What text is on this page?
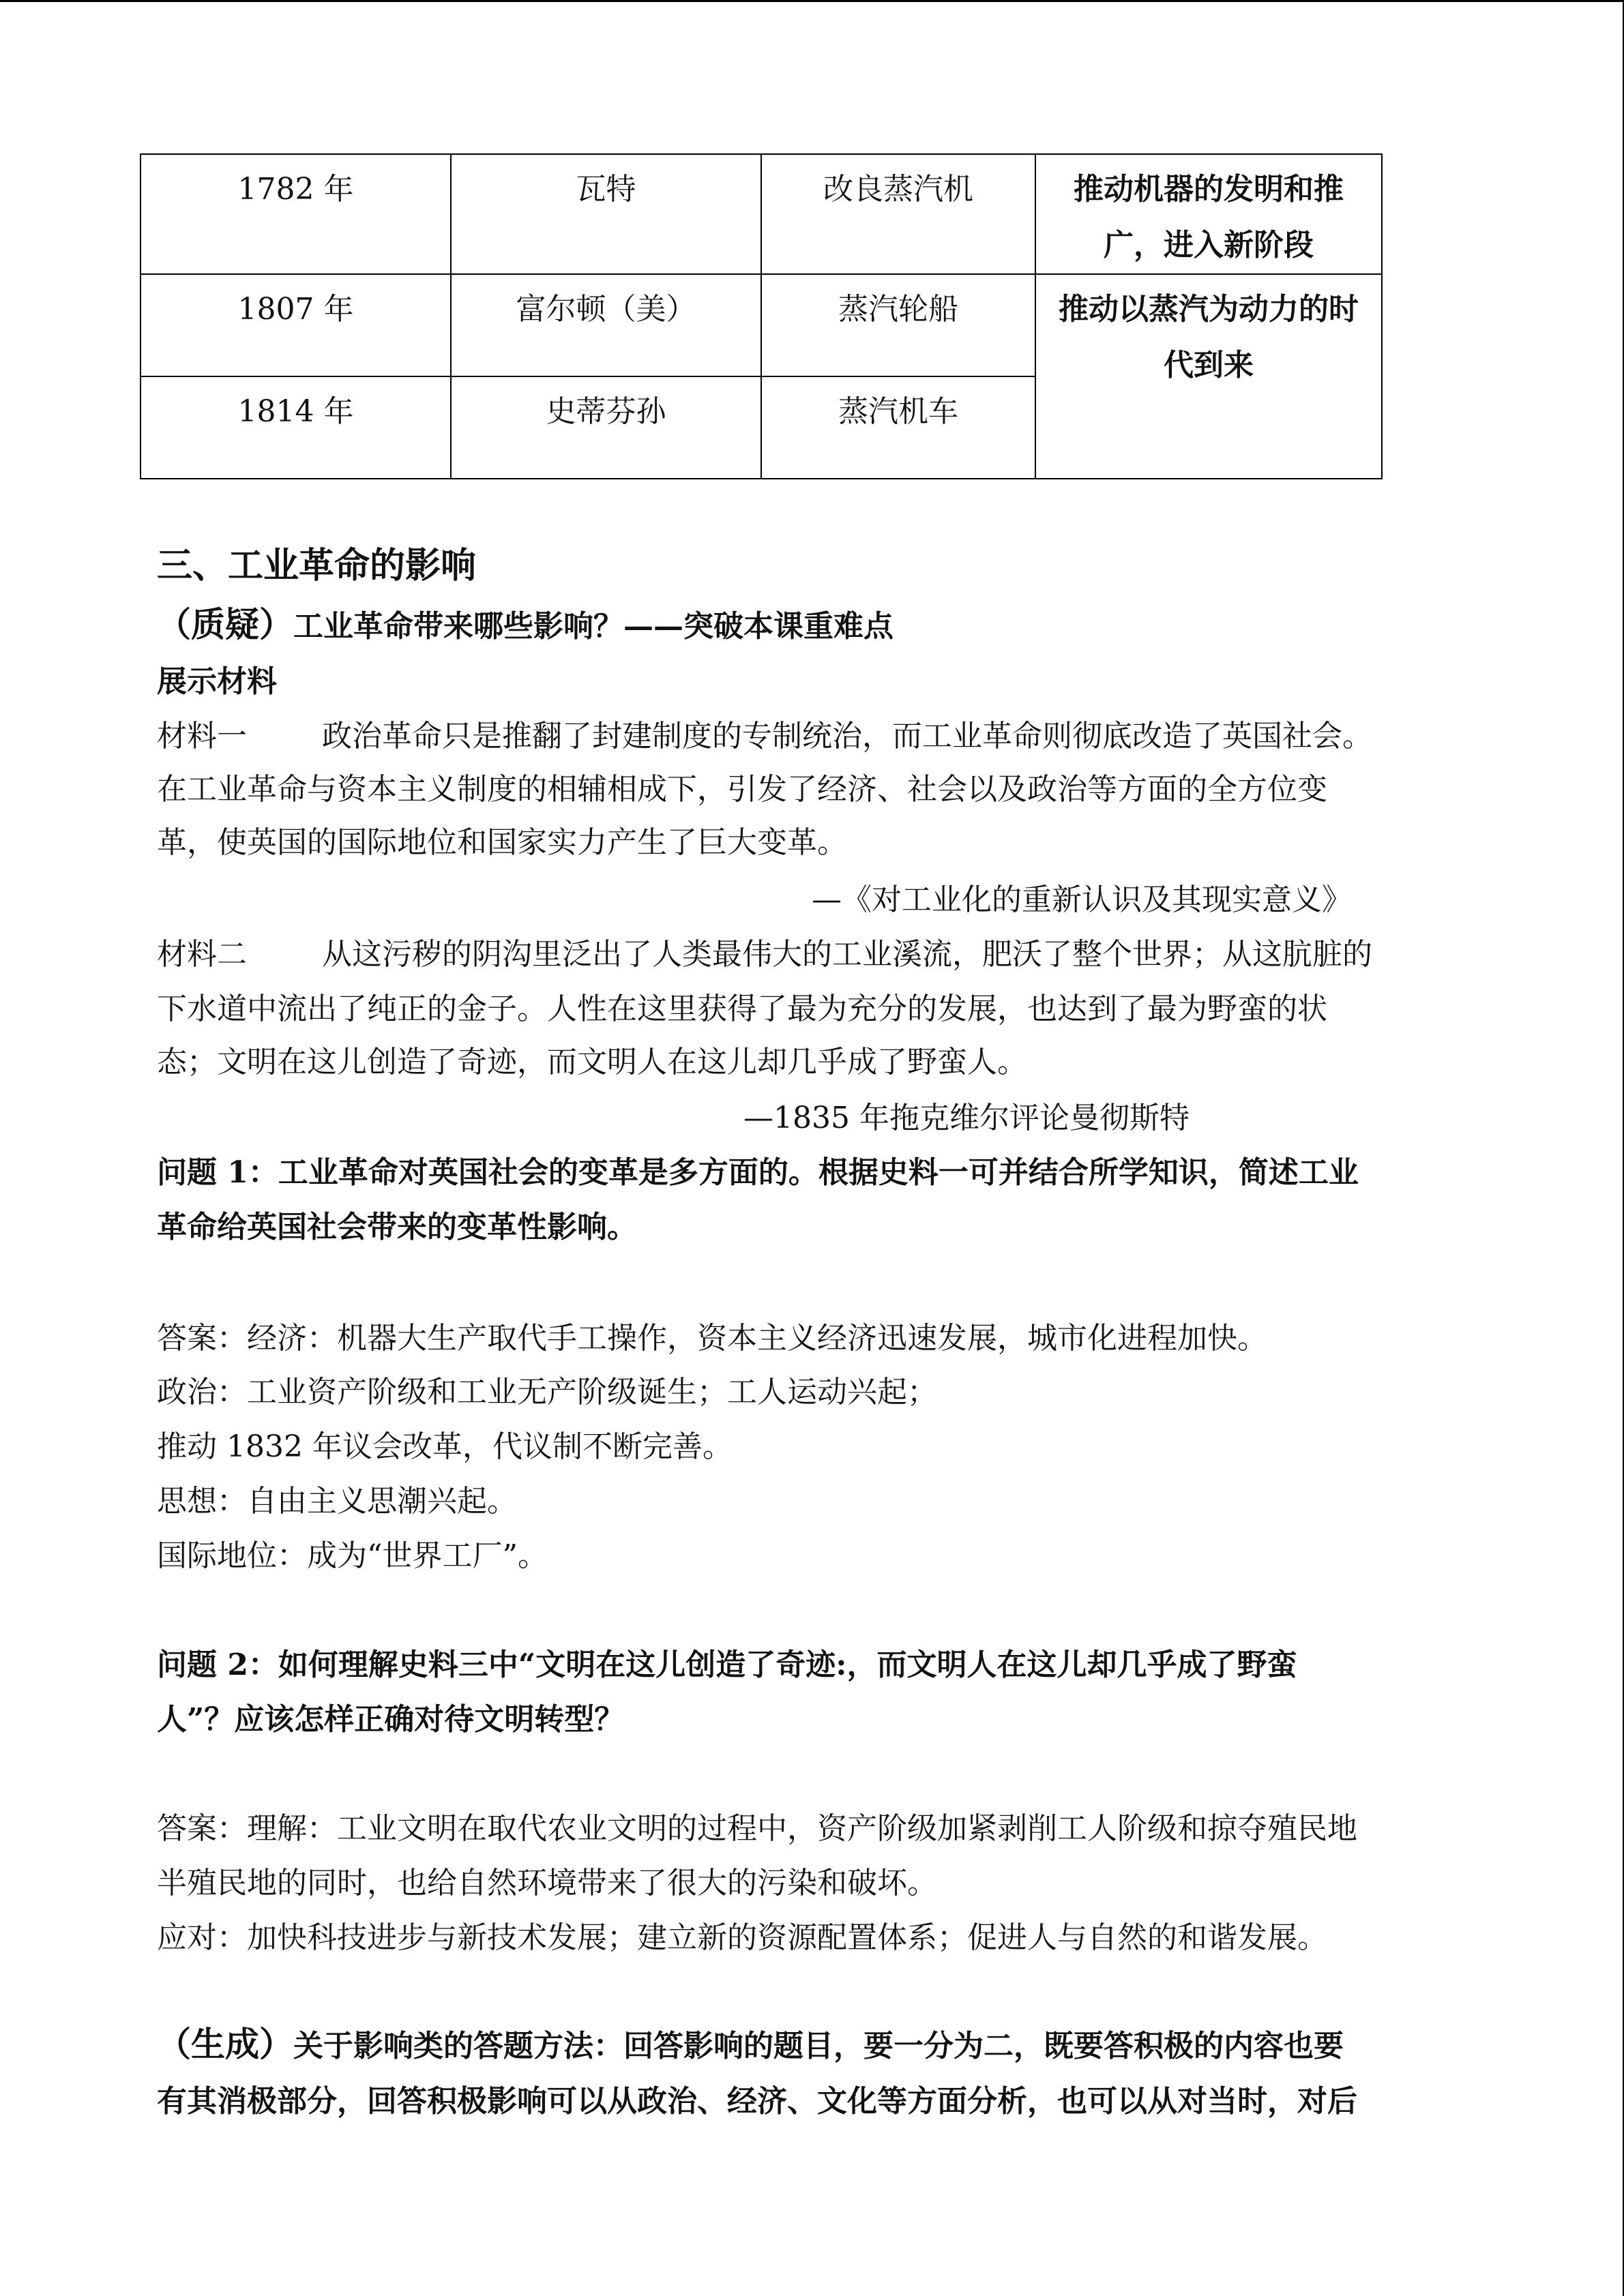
1782 年	瓦特	改良蒸汽机	推动机器的发明和推广，进入新阶段
1807 年	富尔顿（美）	蒸汽轮船	推动以蒸汽为动力的时代到来
1814 年	史蒂芬孙	蒸汽机车	
三、工业革命的影响
（质疑）工业革命带来哪些影响？——突破本课重难点
展示材料
材料一	政治革命只是推翻了封建制度的专制统治，而工业革命则彻底改造了英国社会。
在工业革命与资本主义制度的相辅相成下，引发了经济、社会以及政治等方面的全方位变
革，使英国的国际地位和国家实力产生了巨大变革。
—《对工业化的重新认识及其现实意义》
材料二	从这污秽的阴沟里泛出了人类最伟大的工业溪流，肥沃了整个世界；从这肮脏的
下水道中流出了纯正的金子。人性在这里获得了最为充分的发展，也达到了最为野蛮的状
态；文明在这儿创造了奇迹，而文明人在这儿却几乎成了野蛮人。
—1835 年拖克维尔评论曼彻斯特
问题 1：工业革命对英国社会的变革是多方面的。根据史料一可并结合所学知识，简述工业
革命给英国社会带来的变革性影响。
答案：经济：机器大生产取代手工操作，资本主义经济迅速发展，城市化进程加快。
政治：工业资产阶级和工业无产阶级诞生；工人运动兴起；
推动 1832 年议会改革，代议制不断完善。
思想：自由主义思潮兴起。
国际地位：成为“世界工厂”。
问题 2：如何理解史料三中“文明在这儿创造了奇迹:，而文明人在这儿却几乎成了野蛮
人”？应该怎样正确对待文明转型？
答案：理解：工业文明在取代农业文明的过程中，资产阶级加紧剥削工人阶级和掠夺殖民地
半殖民地的同时，也给自然环境带来了很大的污染和破坏。
应对：加快科技进步与新技术发展；建立新的资源配置体系；促进人与自然的和谐发展。
（生成）关于影响类的答题方法：回答影响的题目，要一分为二，既要答积极的内容也要
有其消极部分，回答积极影响可以从政治、经济、文化等方面分析，也可以从对当时，对后
